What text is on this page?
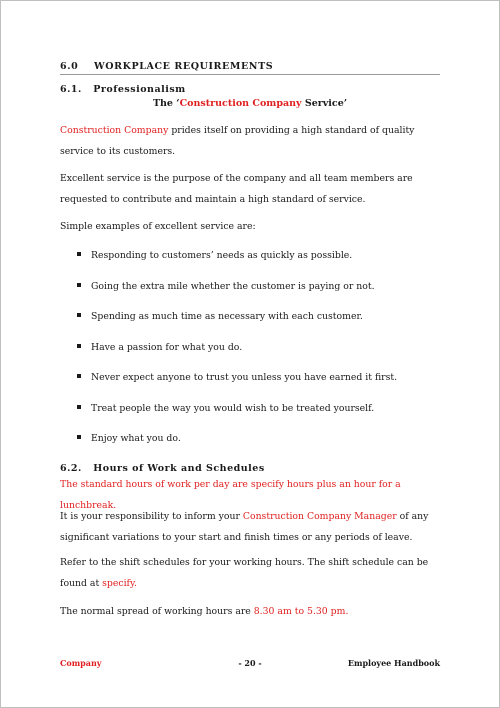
6.0 WORKPLACE REQUIREMENTS
6.1. Professionalism
The ‘Construction Company Service’
Construction Company prides itself on providing a high standard of quality service to its customers.
Excellent service is the purpose of the company and all team members are requested to contribute and maintain a high standard of service.
Simple examples of excellent service are:
Responding to customers’ needs as quickly as possible.
Going the extra mile whether the customer is paying or not.
Spending as much time as necessary with each customer.
Have a passion for what you do.
Never expect anyone to trust you unless you have earned it first.
Treat people the way you would wish to be treated yourself.
Enjoy what you do.
6.2. Hours of Work and Schedules
The standard hours of work per day are specify hours plus an hour for a lunchbreak.
It is your responsibility to inform your Construction Company Manager of any significant variations to your start and finish times or any periods of leave.
Refer to the shift schedules for your working hours. The shift schedule can be found at specify.
The normal spread of working hours are 8.30 am to 5.30 pm.
Company	- 20 -	Employee Handbook
